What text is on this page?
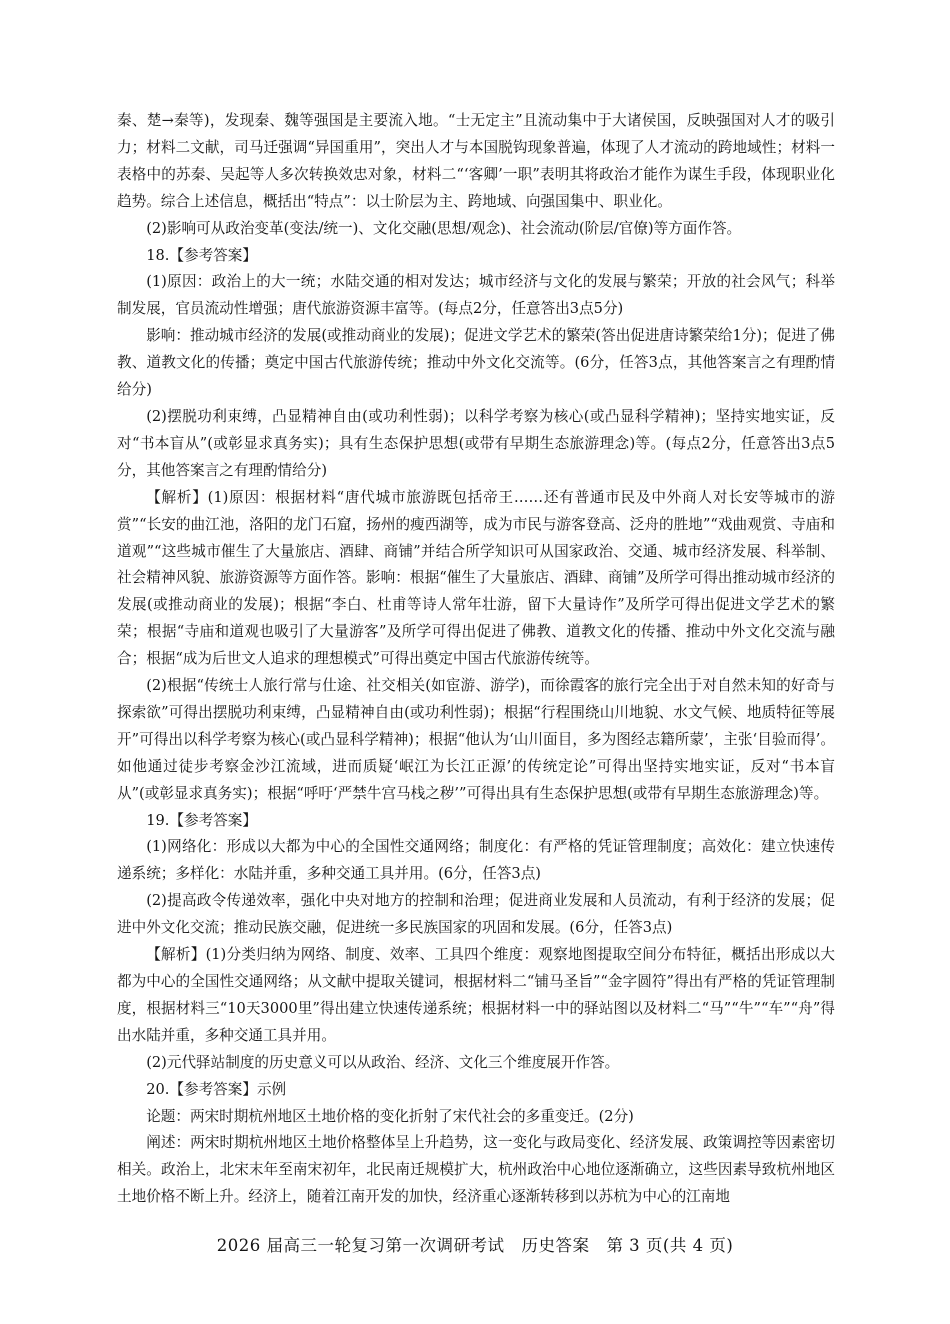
秦、楚→秦等)，发现秦、魏等强国是主要流入地。“士无定主”且流动集中于大诸侯国，反映强国对人才的吸引力；材料二文献，司马迁强调“异国重用”，突出人才与本国脱钩现象普遍，体现了人才流动的跨地域性；材料一表格中的苏秦、吴起等人多次转换效忠对象，材料二“‘客卿’一职”表明其将政治才能作为谋生手段，体现职业化趋势。综合上述信息，概括出“特点”：以士阶层为主、跨地域、向强国集中、职业化。

(2)影响可从政治变革(变法/统一)、文化交融(思想/观念)、社会流动(阶层/官僚)等方面作答。

18.【参考答案】

(1)原因：政治上的大一统；水陆交通的相对发达；城市经济与文化的发展与繁荣；开放的社会风气；科举制发展，官员流动性增强；唐代旅游资源丰富等。(每点2分，任意答出3点5分)

影响：推动城市经济的发展(或推动商业的发展)；促进文学艺术的繁荣(答出促进唐诗繁荣给1分)；促进了佛教、道教文化的传播；奠定中国古代旅游传统；推动中外文化交流等。(6分，任答3点，其他答案言之有理酌情给分)

(2)摆脱功利束缚，凸显精神自由(或功利性弱)；以科学考察为核心(或凸显科学精神)；坚持实地实证，反对“书本盲从”(或彰显求真务实)；具有生态保护思想(或带有早期生态旅游理念)等。(每点2分，任意答出3点5分，其他答案言之有理酌情给分)

【解析】(1)原因：根据材料“唐代城市旅游既包括帝王……还有普通市民及中外商人对长安等城市的游赏”“长安的曲江池，洛阳的龙门石窟，扬州的瘦西湖等，成为市民与游客登高、泛舟的胜地”“戏曲观赏、寺庙和道观”“这些城市催生了大量旅店、酒肆、商铺”并结合所学知识可从国家政治、交通、城市经济发展、科举制、社会精神风貌、旅游资源等方面作答。影响：根据“催生了大量旅店、酒肆、商铺”及所学可得出推动城市经济的发展(或推动商业的发展)；根据“李白、杜甫等诗人常年壮游，留下大量诗作”及所学可得出促进文学艺术的繁荣；根据“寺庙和道观也吸引了大量游客”及所学可得出促进了佛教、道教文化的传播、推动中外文化交流与融合；根据“成为后世文人追求的理想模式”可得出奠定中国古代旅游传统等。

(2)根据“传统士人旅行常与仕途、社交相关(如宦游、游学)，而徐霞客的旅行完全出于对自然未知的好奇与探索欲”可得出摆脱功利束缚，凸显精神自由(或功利性弱)；根据“行程围绕山川地貌、水文气候、地质特征等展开”可得出以科学考察为核心(或凸显科学精神)；根据“他认为‘山川面目，多为图经志籍所蒙’，主张‘目验而得’。如他通过徒步考察金沙江流域，进而质疑‘岷江为长江正源’的传统定论”可得出坚持实地实证，反对“书本盲从”(或彰显求真务实)；根据“呼吁‘严禁牛宫马栈之秽’”可得出具有生态保护思想(或带有早期生态旅游理念)等。

19.【参考答案】

(1)网络化：形成以大都为中心的全国性交通网络；制度化：有严格的凭证管理制度；高效化：建立快速传递系统；多样化：水陆并重，多种交通工具并用。(6分，任答3点)

(2)提高政令传递效率，强化中央对地方的控制和治理；促进商业发展和人员流动，有利于经济的发展；促进中外文化交流；推动民族交融，促进统一多民族国家的巩固和发展。(6分，任答3点)

【解析】(1)分类归纳为网络、制度、效率、工具四个维度：观察地图提取空间分布特征，概括出形成以大都为中心的全国性交通网络；从文献中提取关键词，根据材料二“铺马圣旨”“金字圆符”得出有严格的凭证管理制度，根据材料三“10天3000里”得出建立快速传递系统；根据材料一中的驿站图以及材料二“马”“牛”“车”“舟”得出水陆并重，多种交通工具并用。

(2)元代驿站制度的历史意义可以从政治、经济、文化三个维度展开作答。

20.【参考答案】示例

论题：两宋时期杭州地区土地价格的变化折射了宋代社会的多重变迁。(2分)

阐述：两宋时期杭州地区土地价格整体呈上升趋势，这一变化与政局变化、经济发展、政策调控等因素密切相关。政治上，北宋末年至南宋初年，北民南迁规模扩大，杭州政治中心地位逐渐确立，这些因素导致杭州地区土地价格不断上升。经济上，随着江南开发的加快，经济重心逐渐转移到以苏杭为中心的江南地

2026 届高三一轮复习第一次调研考试　历史答案　第 3 页(共 4 页)
